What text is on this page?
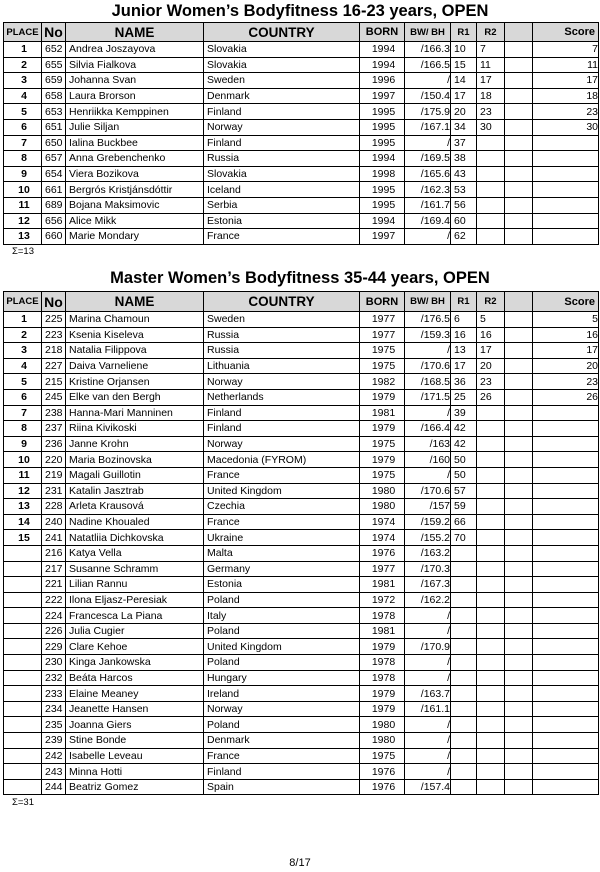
Junior Women’s Bodyfitness 16-23 years, OPEN
PLACE	No	NAME	COUNTRY	BORN	BW/ BH	R1	R2		Score
1	652	Andrea Joszayova	Slovakia	1994	/166.3	10	7		7
2	655	Silvia Fialkova	Slovakia	1994	/166.5	15	11		11
3	659	Johanna Svan	Sweden	1996	/	14	17		17
4	658	Laura Brorson	Denmark	1997	/150.4	17	18		18
5	653	Henriikka Kemppinen	Finland	1995	/175.9	20	23		23
6	651	Julie Siljan	Norway	1995	/167.1	34	30		30
7	650	Ialina Buckbee	Finland	1995	/	37			
8	657	Anna Grebenchenko	Russia	1994	/169.5	38			
9	654	Viera Bozikova	Slovakia	1998	/165.6	43			
10	661	Bergrós Kristjánsdóttir	Iceland	1995	/162.3	53			
11	689	Bojana Maksimovic	Serbia	1995	/161.7	56			
12	656	Alice Mikk	Estonia	1994	/169.4	60			
13	660	Marie Mondary	France	1997	/	62			
Σ=13
Master Women’s Bodyfitness 35-44 years, OPEN
PLACE	No	NAME	COUNTRY	BORN	BW/ BH	R1	R2		Score
1	225	Marina Chamoun	Sweden	1977	/176.5	6	5		5
2	223	Ksenia Kiseleva	Russia	1977	/159.3	16	16		16
3	218	Natalia Filippova	Russia	1975	/	13	17		17
4	227	Daiva Varneliene	Lithuania	1975	/170.6	17	20		20
5	215	Kristine Orjansen	Norway	1982	/168.5	36	23		23
6	245	Elke van den Bergh	Netherlands	1979	/171.5	25	26		26
7	238	Hanna-Mari Manninen	Finland	1981	/	39			
8	237	Riina Kivikoski	Finland	1979	/166.4	42			
9	236	Janne Krohn	Norway	1975	/163	42			
10	220	Maria Bozinovska	Macedonia (FYROM)	1979	/160	50			
11	219	Magali Guillotin	France	1975	/	50			
12	231	Katalin Jasztrab	United Kingdom	1980	/170.6	57			
13	228	Arleta Krausová	Czechia	1980	/157	59			
14	240	Nadine Khoualed	France	1974	/159.2	66			
15	241	Natatliia Dichkovska	Ukraine	1974	/155.2	70			
	216	Katya Vella	Malta	1976	/163.2				
	217	Susanne Schramm	Germany	1977	/170.3				
	221	Lilian Rannu	Estonia	1981	/167.3				
	222	Ilona Eljasz-Peresiak	Poland	1972	/162.2				
	224	Francesca La Piana	Italy	1978	/				
	226	Julia Cugier	Poland	1981	/				
	229	Clare Kehoe	United Kingdom	1979	/170.9				
	230	Kinga Jankowska	Poland	1978	/				
	232	Beáta Harcos	Hungary	1978	/				
	233	Elaine Meaney	Ireland	1979	/163.7				
	234	Jeanette Hansen	Norway	1979	/161.1				
	235	Joanna Giers	Poland	1980	/				
	239	Stine Bonde	Denmark	1980	/				
	242	Isabelle Leveau	France	1975	/				
	243	Minna Hotti	Finland	1976	/				
	244	Beatriz Gomez	Spain	1976	/157.4				
Σ=31
8/17
